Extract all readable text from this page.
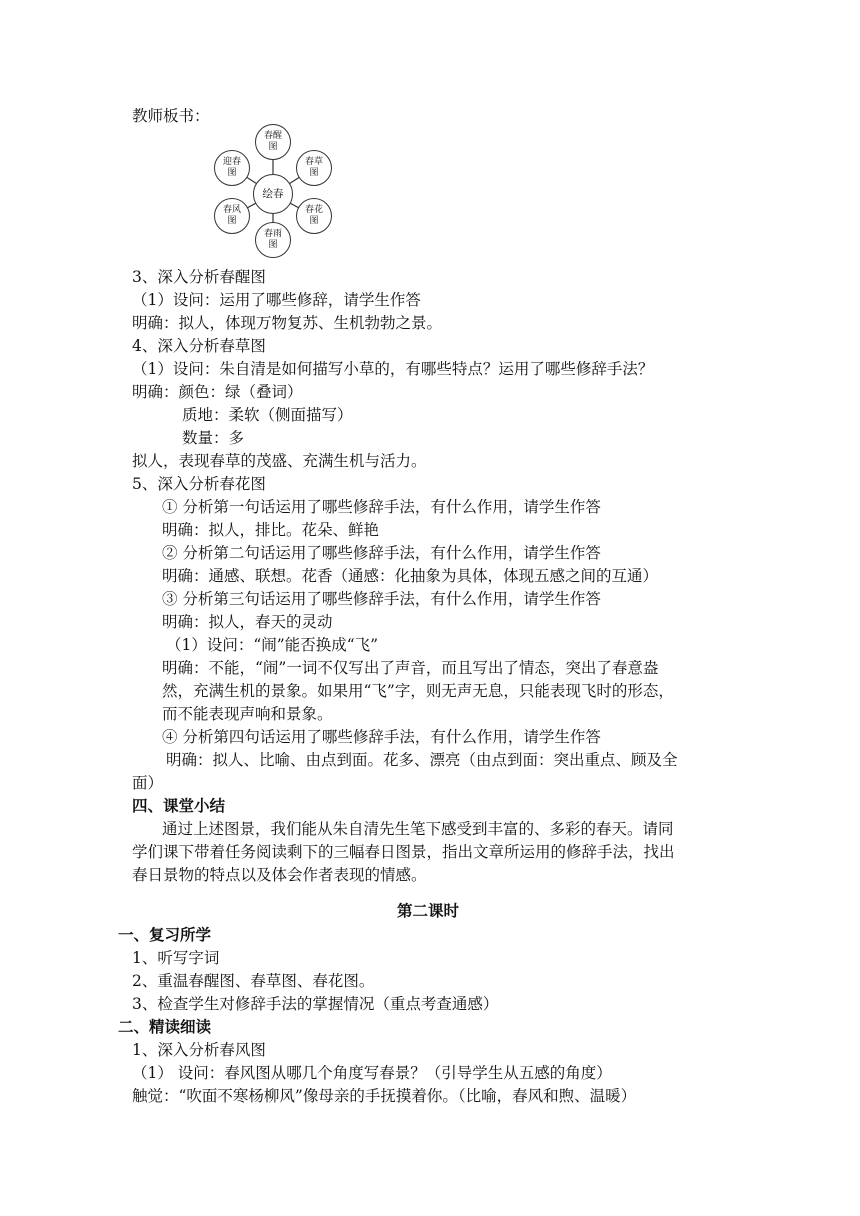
教师板书：
春醒图
春草图
春花图
春雨图
春风图
迎春图
绘春
3、深入分析春醒图
（1）设问：运用了哪些修辞，请学生作答
明确：拟人，体现万物复苏、生机勃勃之景。
4、深入分析春草图
（1）设问：朱自清是如何描写小草的，有哪些特点？运用了哪些修辞手法？
明确：颜色：绿（叠词）
质地：柔软（侧面描写）
数量：多
拟人，表现春草的茂盛、充满生机与活力。
5、深入分析春花图
① 分析第一句话运用了哪些修辞手法，有什么作用，请学生作答
明确：拟人，排比。花朵、鲜艳
② 分析第二句话运用了哪些修辞手法，有什么作用，请学生作答
明确：通感、联想。花香（通感：化抽象为具体，体现五感之间的互通）
③ 分析第三句话运用了哪些修辞手法，有什么作用，请学生作答
明确：拟人，春天的灵动
（1）设问：“闹”能否换成“飞”
明确：不能，“闹”一词不仅写出了声音，而且写出了情态，突出了春意盎
然，充满生机的景象。如果用“飞”字，则无声无息，只能表现飞时的形态，
而不能表现声响和景象。
④ 分析第四句话运用了哪些修辞手法，有什么作用，请学生作答
明确：拟人、比喻、由点到面。花多、漂亮（由点到面：突出重点、顾及全
面）
四、课堂小结
通过上述图景，我们能从朱自清先生笔下感受到丰富的、多彩的春天。请同
学们课下带着任务阅读剩下的三幅春日图景，指出文章所运用的修辞手法，找出
春日景物的特点以及体会作者表现的情感。
第二课时
一、复习所学
1、听写字词
2、重温春醒图、春草图、春花图。
3、检查学生对修辞手法的掌握情况（重点考查通感）
二、精读细读
1、深入分析春风图
（1） 设问：春风图从哪几个角度写春景？（引导学生从五感的角度）
触觉：“吹面不寒杨柳风”像母亲的手抚摸着你。（比喻，春风和煦、温暖）
